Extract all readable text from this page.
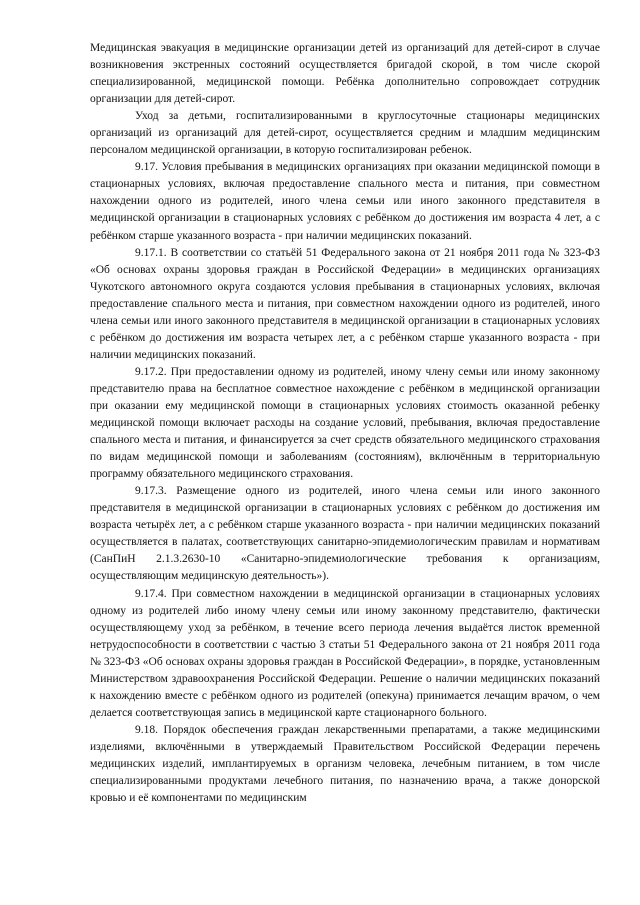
Медицинская эвакуация в медицинские организации детей из организаций для детей-сирот в случае возникновения экстренных состояний осуществляется бригадой скорой, в том числе скорой специализированной, медицинской помощи. Ребёнка дополнительно сопровождает сотрудник организации для детей-сирот.

Уход за детьми, госпитализированными в круглосуточные стационары медицинских организаций из организаций для детей-сирот, осуществляется средним и младшим медицинским персоналом медицинской организации, в которую госпитализирован ребенок.

9.17. Условия пребывания в медицинских организациях при оказании медицинской помощи в стационарных условиях, включая предоставление спального места и питания, при совместном нахождении одного из родителей, иного члена семьи или иного законного представителя в медицинской организации в стационарных условиях с ребёнком до достижения им возраста 4 лет, а с ребёнком старше указанного возраста - при наличии медицинских показаний.

9.17.1. В соответствии со статьёй 51 Федерального закона от 21 ноября 2011 года № 323-ФЗ «Об основах охраны здоровья граждан в Российской Федерации» в медицинских организациях Чукотского автономного округа создаются условия пребывания в стационарных условиях, включая предоставление спального места и питания, при совместном нахождении одного из родителей, иного члена семьи или иного законного представителя в медицинской организации в стационарных условиях с ребёнком до достижения им возраста четырех лет, а с ребёнком старше указанного возраста - при наличии медицинских показаний.

9.17.2. При предоставлении одному из родителей, иному члену семьи или иному законному представителю права на бесплатное совместное нахождение с ребёнком в медицинской организации при оказании ему медицинской помощи в стационарных условиях стоимость оказанной ребенку медицинской помощи включает расходы на создание условий, пребывания, включая предоставление спального места и питания, и финансируется за счет средств обязательного медицинского страхования по видам медицинской помощи и заболеваниям (состояниям), включённым в территориальную программу обязательного медицинского страхования.

9.17.3. Размещение одного из родителей, иного члена семьи или иного законного представителя в медицинской организации в стационарных условиях с ребёнком до достижения им возраста четырёх лет, а с ребёнком старше указанного возраста - при наличии медицинских показаний осуществляется в палатах, соответствующих санитарно-эпидемиологическим правилам и нормативам (СанПиН 2.1.3.2630-10 «Санитарно-эпидемиологические требования к организациям, осуществляющим медицинскую деятельность»).

9.17.4. При совместном нахождении в медицинской организации в стационарных условиях одному из родителей либо иному члену семьи или иному законному представителю, фактически осуществляющему уход за ребёнком, в течение всего периода лечения выдаётся листок временной нетрудоспособности в соответствии с частью 3 статьи 51 Федерального закона от 21 ноября 2011 года № 323-ФЗ «Об основах охраны здоровья граждан в Российской Федерации», в порядке, установленным Министерством здравоохранения Российской Федерации. Решение о наличии медицинских показаний к нахождению вместе с ребёнком одного из родителей (опекуна) принимается лечащим врачом, о чем делается соответствующая запись в медицинской карте стационарного больного.

9.18. Порядок обеспечения граждан лекарственными препаратами, а также медицинскими изделиями, включёнными в утверждаемый Правительством Российской Федерации перечень медицинских изделий, имплантируемых в организм человека, лечебным питанием, в том числе специализированными продуктами лечебного питания, по назначению врача, а также донорской кровью и её компонентами по медицинским
